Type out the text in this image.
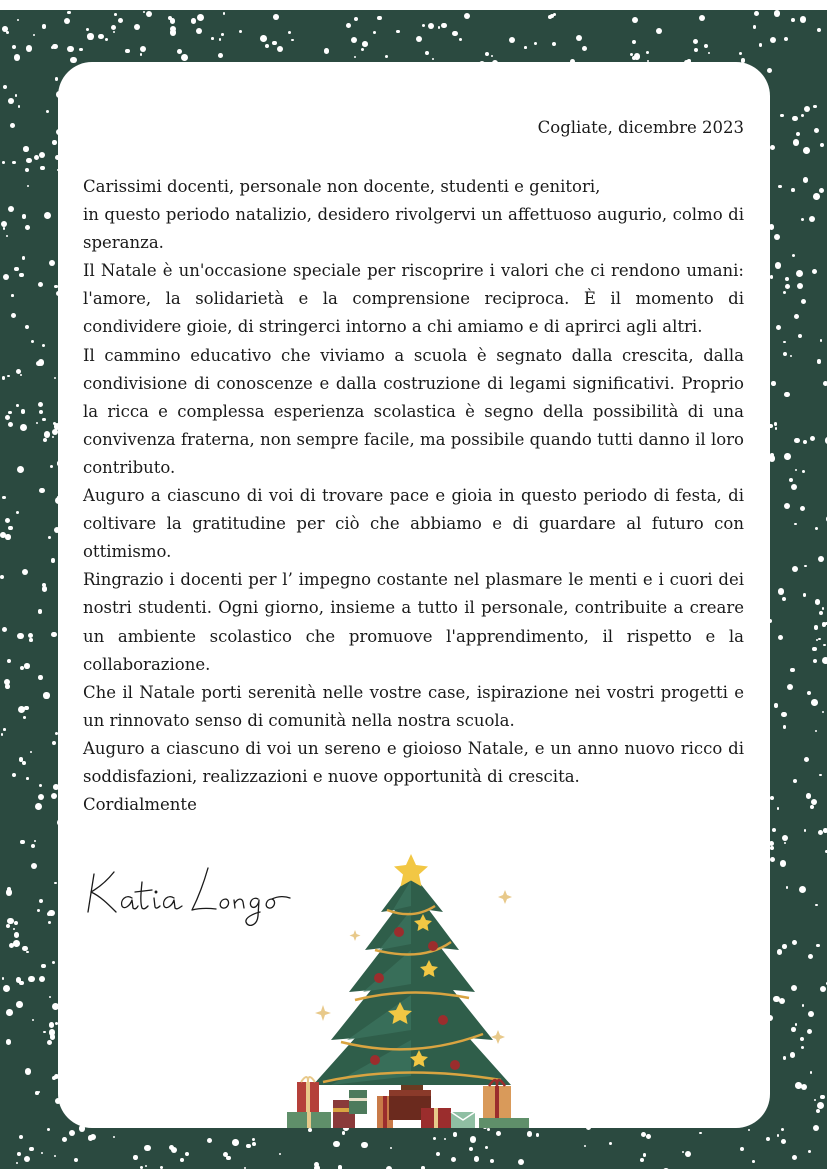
Cogliate, dicembre 2023

Carissimi docenti, personale non docente, studenti e genitori,

in questo periodo natalizio, desidero rivolgervi un affettuoso augurio, colmo di speranza.

Il Natale è un'occasione speciale per riscoprire i valori che ci rendono umani: l'amore, la solidarietà e la comprensione reciproca. È il momento di condividere gioie, di stringerci intorno a chi amiamo e di aprirci agli altri.

Il cammino educativo che viviamo a scuola è segnato dalla crescita, dalla condivisione di conoscenze e dalla costruzione di legami significativi. Proprio la ricca e complessa esperienza scolastica è segno della possibilità di una convivenza fraterna, non sempre facile, ma possibile quando tutti danno il loro contributo.

Auguro a ciascuno di voi di trovare pace e gioia in questo periodo di festa, di coltivare la gratitudine per ciò che abbiamo e di guardare al futuro con ottimismo.

Ringrazio i docenti per l’ impegno costante nel plasmare le menti e i cuori dei nostri studenti. Ogni giorno, insieme a tutto il personale, contribuite a creare un ambiente scolastico che promuove l'apprendimento, il rispetto e la collaborazione.

Che il Natale porti serenità nelle vostre case, ispirazione nei vostri progetti e un rinnovato senso di comunità nella nostra scuola.

Auguro a ciascuno di voi un sereno e gioioso Natale, e un anno nuovo ricco di soddisfazioni, realizzazioni e nuove opportunità di crescita.

Cordialmente
